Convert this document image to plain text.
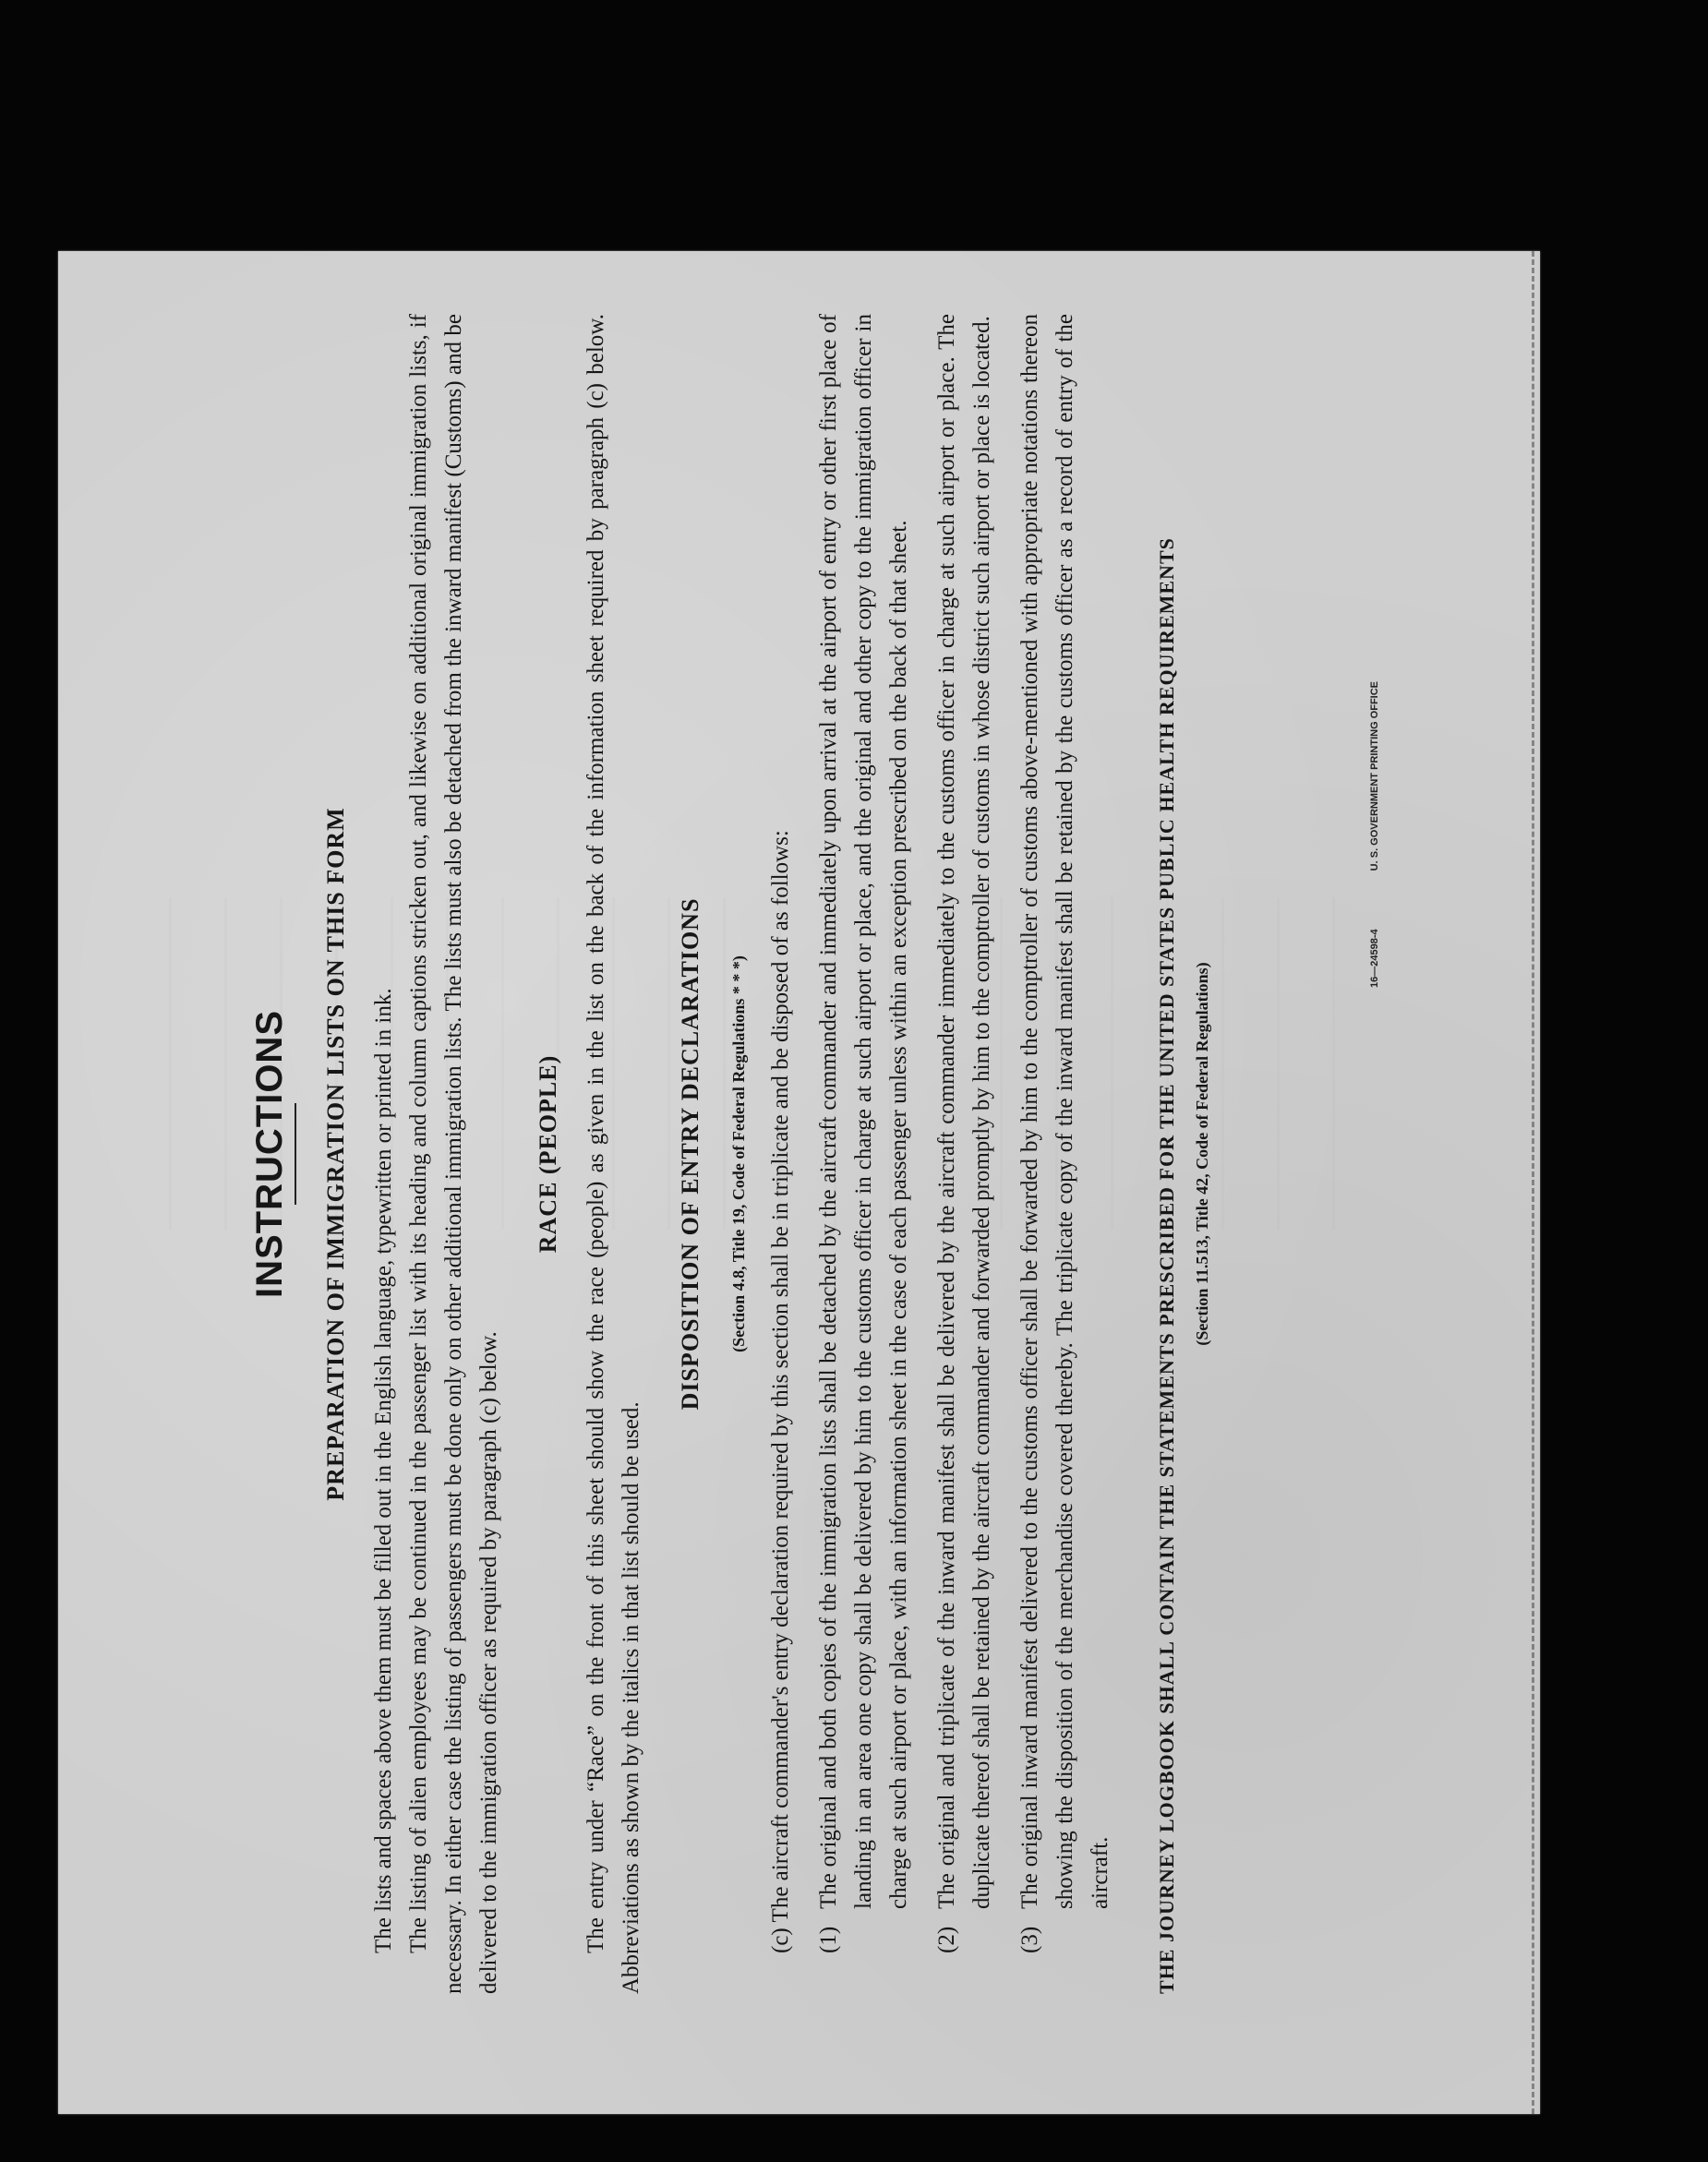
INSTRUCTIONS PREPARATION OF IMMIGRATION LISTS ON THIS FORM The lists and spaces above them must be filled out in the English language, typewritten or printed in ink. The listing of alien employees may be continued in the passenger list with its heading and column captions stricken out, and likewise on additional original immigration lists, if necessary. In either case the listing of passengers must be done only on other additional immigration lists. The lists must also be detached from the inward manifest (Customs) and be delivered to the immigration officer as required by paragraph (c) below.

RACE (PEOPLE) The entry under “Race” on the front of this sheet should show the race (people) as given in the list on the back of the information sheet required by paragraph (c) below. Abbreviations as shown by the italics in that list should be used.

DISPOSITION OF ENTRY DECLARATIONS	(Section 4.8, Title 19, Code of Federal Regulations * * *) (c) The aircraft commander's entry declaration required by this section shall be in triplicate and be disposed of as follows: (1)
The original and both copies of the immigration lists shall be detached by the aircraft commander and immediately upon arrival at the airport of entry or other first place of landing in an area one copy shall be delivered by him to the customs officer in charge at such airport or place, and the original and other copy to the immigration officer in charge at such airport or place, with an information sheet in the case of each passenger unless within an exception prescribed on the back of that sheet.
(2)
The original and triplicate of the inward manifest shall be delivered by the aircraft commander immediately to the customs officer in charge at such airport or place. The duplicate thereof shall be retained by the aircraft commander and forwarded promptly by him to the comptroller of customs in whose district such airport or place is located.
(3)
The original inward manifest delivered to the customs officer shall be forwarded by him to the comptroller of customs above-mentioned with appropriate notations thereon showing the disposition of the merchandise covered thereby. The triplicate copy of the inward manifest shall be retained by the customs officer as a record of entry of the aircraft. THE JOURNEY LOGBOOK SHALL CONTAIN THE STATEMENTS PRESCRIBED FOR THE UNITED STATES PUBLIC HEALTH REQUIREMENTS (Section 11.513, Title 42, Code of Federal Regulations)
16—24598-4 U. S. GOVERNMENT PRINTING OFFICE
